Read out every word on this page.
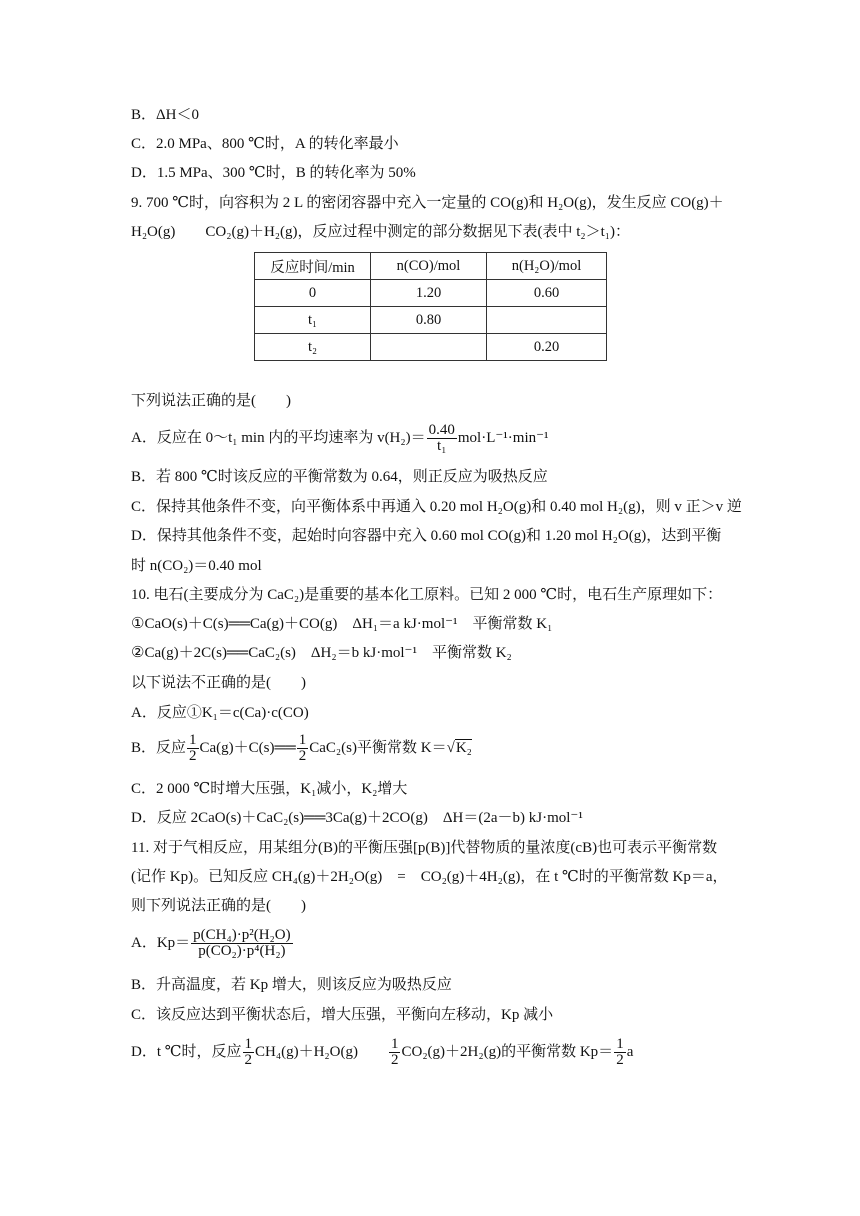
B．ΔH＜0
C．2.0 MPa、800 ℃时，A 的转化率最小
D．1.5 MPa、300 ℃时，B 的转化率为 50%
9. 700 ℃时，向容积为 2 L 的密闭容器中充入一定量的 CO(g)和 H₂O(g)，发生反应 CO(g)＋
H₂O(g)　　CO₂(g)＋H₂(g)，反应过程中测定的部分数据见下表(表中 t₂＞t₁)：
反应时间/min	n(CO)/mol	n(H₂O)/mol
0	1.20	0.60
t₁	0.80	
t₂		0.20
下列说法正确的是(　　)
A．反应在 0～t₁ min 内的平均速率为 $v(H_2)= \frac{0.40}{\text{t₁}} mol\cdot L^{-1}\cdot\min^{-1}$
B．若 800 ℃时该反应的平衡常数为 0.64，则正反应为吸热反应
C．保持其他条件不变，向平衡体系中再通入 0.20 mol H₂O(g)和 0.40 mol H₂(g)，则 v 正＞v 逆
D．保持其他条件不变，起始时向容器中充入 0.60 mol CO(g)和 1.20 mol H₂O(g)，达到平衡
时 n(CO₂)＝0.40 mol
10. 电石(主要成分为 CaC₂)是重要的基本化工原料。已知 2 000 ℃时，电石生产原理如下：
①CaO(s)＋C(s)══Ca(g)＋CO(g)　ΔH₁＝a kJ·mol⁻¹　平衡常数 K₁
②Ca(g)＋2C(s)══CaC₂(s)　ΔH₂＝b kJ·mol⁻¹　平衡常数 K₂
以下说法不正确的是(　　)
A．反应①K₁＝c(Ca)·c(CO)
B．反应 $\frac{1}{2}$ Ca(g)＋C(s)══ $\frac{1}{2} CaC_2(s)$平衡常数 K＝√K₂
C．2 000 ℃时增大压强，K₁减小，K₂增大
D．反应 2CaO(s)＋CaC₂(s)══3Ca(g)＋2CO(g)　ΔH＝(2a－b) kJ·mol⁻¹
11. 对于气相反应，用某组分(B)的平衡压强[p(B)]代替物质的量浓度(cB)也可表示平衡常数
(记作 Kp)。已知反应 CH₄(g)＋2H₂O(g)　=　CO₂(g)＋4H₂(g)，在 t ℃时的平衡常数 Kp＝a，
则下列说法正确的是(　　)
A．$Kp= \frac{\text{p(CH₄)·p²(H₂O)}}{\text{p(CO₂)·p⁴(H₂)}}$
B．升高温度，若 Kp 增大，则该反应为吸热反应
C．该反应达到平衡状态后，增大压强，平衡向左移动，Kp 减小
D．t ℃时，反应 $\frac{1}{2} CH_4(g)+H_2O(g)$　　 $\frac{1}{2} CO_2(g)+2H_2(g)$的平衡常数 $Kp= \frac{1}{2}$ a
